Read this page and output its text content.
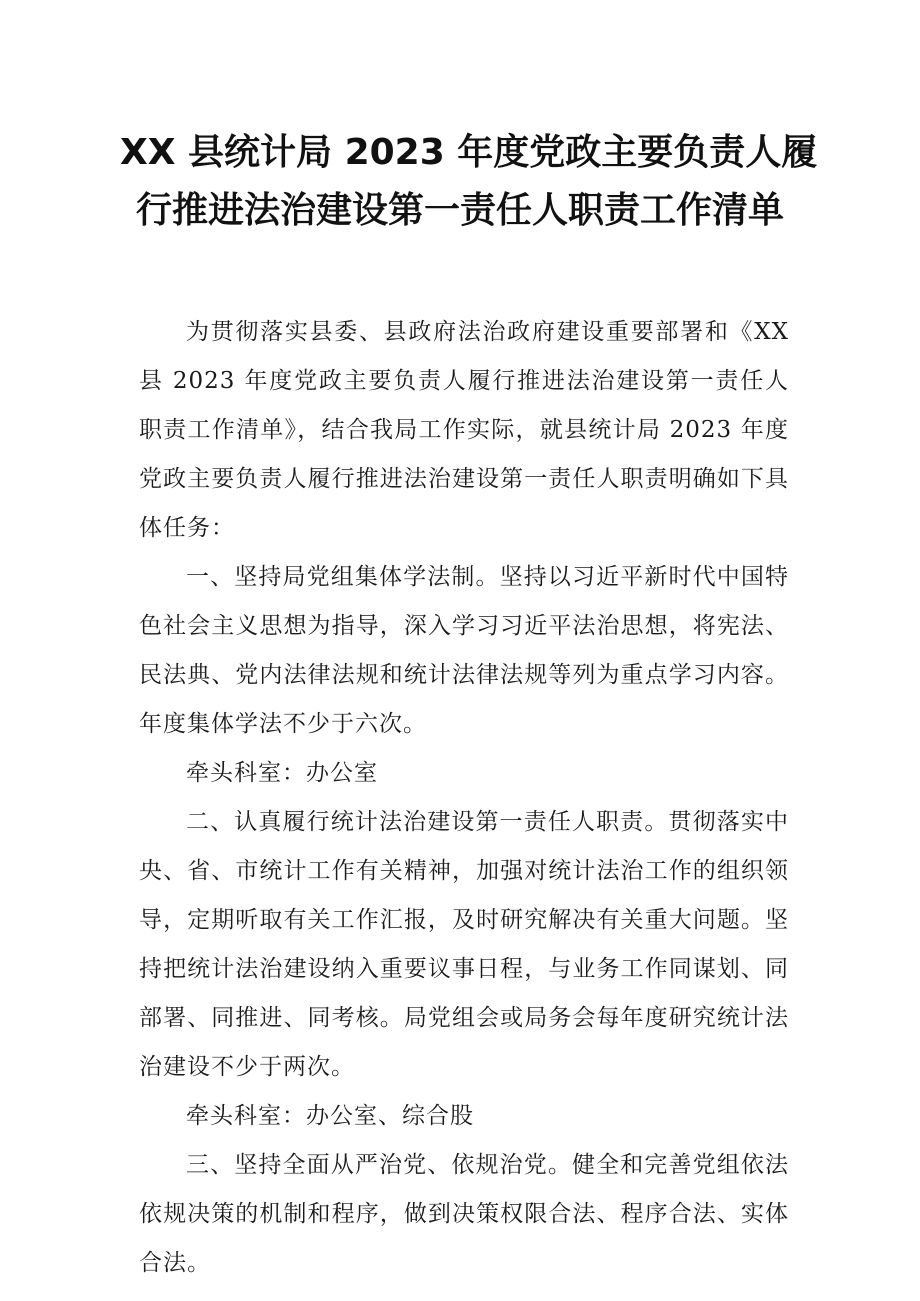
XX 县统计局 2023 年度党政主要负责人履
行推进法治建设第一责任人职责工作清单

为贯彻落实县委、县政府法治政府建设重要部署和《XX 县 2023 年度党政主要负责人履行推进法治建设第一责任人职责工作清单》，结合我局工作实际，就县统计局 2023 年度党政主要负责人履行推进法治建设第一责任人职责明确如下具体任务：

一、坚持局党组集体学法制。坚持以习近平新时代中国特色社会主义思想为指导，深入学习习近平法治思想，将宪法、民法典、党内法律法规和统计法律法规等列为重点学习内容。年度集体学法不少于六次。

牵头科室：办公室

二、认真履行统计法治建设第一责任人职责。贯彻落实中央、省、市统计工作有关精神，加强对统计法治工作的组织领导，定期听取有关工作汇报，及时研究解决有关重大问题。坚持把统计法治建设纳入重要议事日程，与业务工作同谋划、同部署、同推进、同考核。局党组会或局务会每年度研究统计法治建设不少于两次。

牵头科室：办公室、综合股

三、坚持全面从严治党、依规治党。健全和完善党组依法依规决策的机制和程序，做到决策权限合法、程序合法、实体合法。
